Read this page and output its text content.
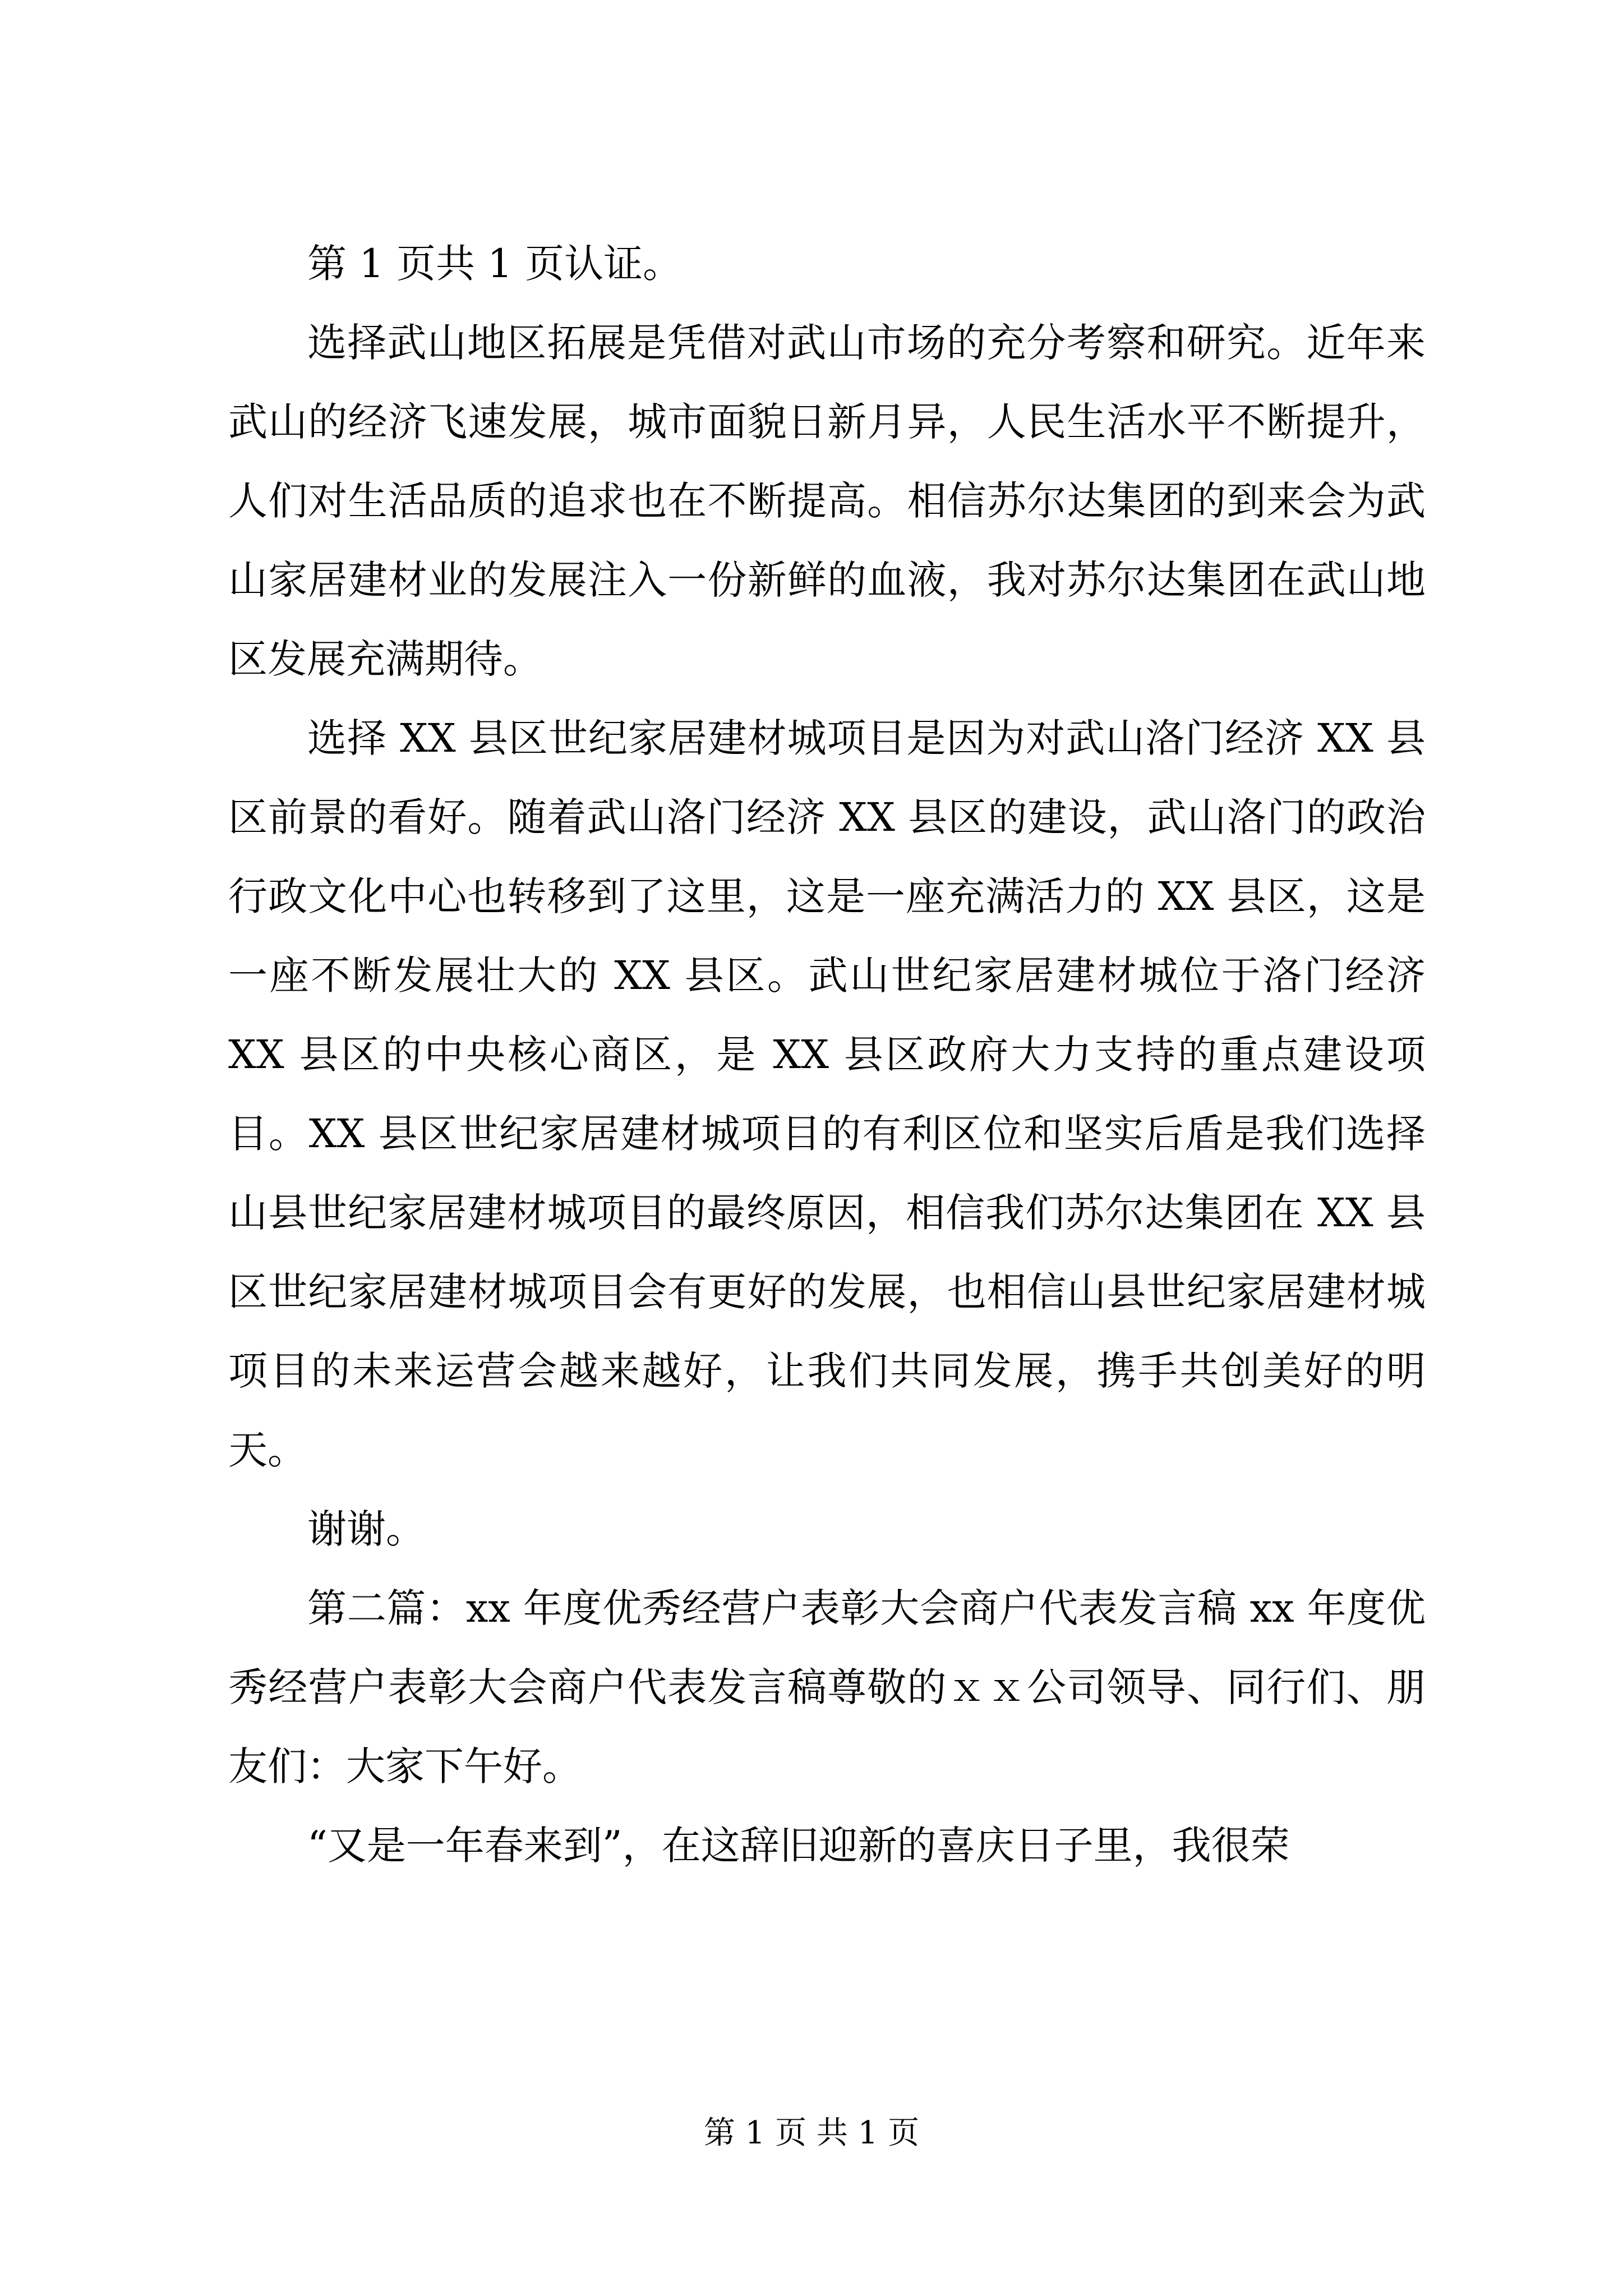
第 1 页共 1 页认证。

选择武山地区拓展是凭借对武山市场的充分考察和研究。近年来武山的经济飞速发展，城市面貌日新月异，人民生活水平不断提升，人们对生活品质的追求也在不断提高。相信苏尔达集团的到来会为武山家居建材业的发展注入一份新鲜的血液，我对苏尔达集团在武山地区发展充满期待。

选择 XX 县区世纪家居建材城项目是因为对武山洛门经济 XX 县区前景的看好。随着武山洛门经济 XX 县区的建设，武山洛门的政治行政文化中心也转移到了这里，这是一座充满活力的 XX 县区，这是一座不断发展壮大的 XX 县区。武山世纪家居建材城位于洛门经济 XX 县区的中央核心商区，是 XX 县区政府大力支持的重点建设项目。XX 县区世纪家居建材城项目的有利区位和坚实后盾是我们选择山县世纪家居建材城项目的最终原因，相信我们苏尔达集团在 XX 县区世纪家居建材城项目会有更好的发展，也相信山县世纪家居建材城项目的未来运营会越来越好，让我们共同发展，携手共创美好的明天。

谢谢。

第二篇：xx 年度优秀经营户表彰大会商户代表发言稿 xx 年度优秀经营户表彰大会商户代表发言稿尊敬的ｘｘ公司领导、同行们、朋友们：大家下午好。

“又是一年春来到”，在这辞旧迎新的喜庆日子里，我很荣

第 1 页 共 1 页
